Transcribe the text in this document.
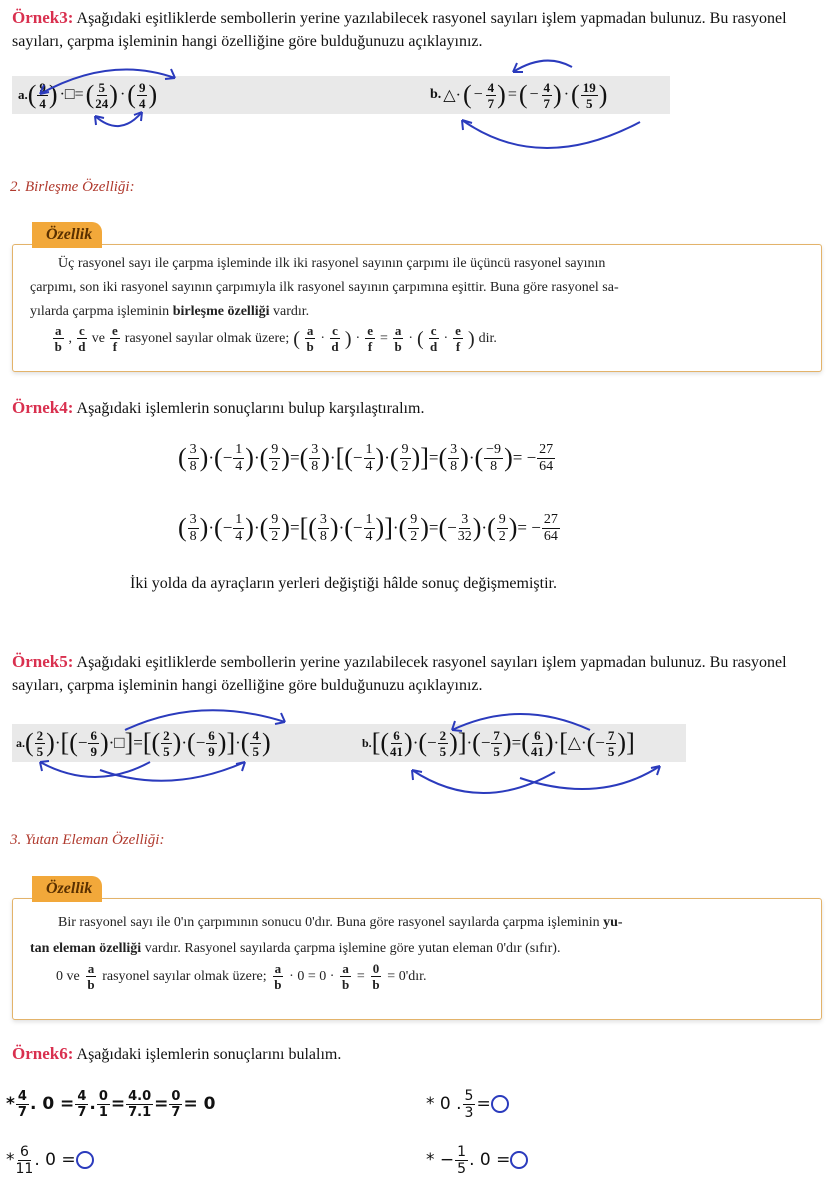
Örnek3: Aşağıdaki eşitliklerde sembollerin yerine yazılabilecek rasyonel sayıları işlem yapmadan bulunuz. Bu rasyonel sayıları, çarpma işleminin hangi özelliğine göre bulduğunuzu açıklayınız.
a. ( $\frac{9}{4}$ ) ·□= ( $\frac{5}{24}$ ) · ( $\frac{9}{4}$ )	b. △· ( − $\frac{4}{7}$ ) = ( − $\frac{4}{7}$ ) · ( $\frac{19}{5}$ )
2. Birleşme Özelliği:
Özellik
Üç rasyonel sayı ile çarpma işleminde ilk iki rasyonel sayının çarpımı ile üçüncü rasyonel sayının
çarpımı, son iki rasyonel sayının çarpımıyla ilk rasyonel sayının çarpımına eşittir. Buna göre rasyonel sa-
yılarda çarpma işleminin birleşme özelliği vardır.
$\frac{a}{b}$ , $\frac{c}{d}$ ve $\frac{e}{f}$ rasyonel sayılar olmak üzere; ( $\frac{a}{b} \cdot \frac{c}{d}$ ) · $\frac{e}{f} = \frac{a}{b}$ · ( $\frac{c}{d} \cdot \frac{e}{f}$ ) dir.
Örnek4: Aşağıdaki işlemlerin sonuçlarını bulup karşılaştıralım.
( $\frac{3}{8}$ ) · ( − $\frac{1}{4}$ ) · ( $\frac{9}{2}$ ) = ( $\frac{3}{8}$ ) · [ ( − $\frac{1}{4}$ ) · ( $\frac{9}{2}$ ) ] = ( $\frac{3}{8}$ ) · ( $\frac{-9}{8}$ ) = − $\frac{27}{64}$
( $\frac{3}{8}$ ) · ( − $\frac{1}{4}$ ) · ( $\frac{9}{2}$ ) = [ ( $\frac{3}{8}$ ) · ( − $\frac{1}{4}$ ) ] · ( $\frac{9}{2}$ ) = ( − $\frac{3}{32}$ ) · ( $\frac{9}{2}$ ) = − $\frac{27}{64}$
İki yolda da ayraçların yerleri değiştiği hâlde sonuç değişmemiştir.
Örnek5: Aşağıdaki eşitliklerde sembollerin yerine yazılabilecek rasyonel sayıları işlem yapmadan bulunuz. Bu rasyonel sayıları, çarpma işleminin hangi özelliğine göre bulduğunuzu açıklayınız.
a. ( $\frac{2}{5}$ ) · [ ( − $\frac{6}{9}$ ) ·□ ] = [ ( $\frac{2}{5}$ ) · ( − $\frac{6}{9}$ ) ] · ( $\frac{4}{5}$ )	b. [ ( $\frac{6}{41}$ ) · ( − $\frac{2}{5}$ ) ] · ( − $\frac{7}{5}$ ) = ( $\frac{6}{41}$ ) · [ △· ( − $\frac{7}{5}$ ) ]
3. Yutan Eleman Özelliği:
Özellik
Bir rasyonel sayı ile 0'ın çarpımının sonucu 0'dır. Buna göre rasyonel sayılarda çarpma işleminin yu-
tan eleman özelliği vardır. Rasyonel sayılarda çarpma işlemine göre yutan eleman 0'dır (sıfır).
0 ve $\frac{a}{b}$ rasyonel sayılar olmak üzere; $\frac{a}{b} \cdot 0 = 0 \cdot \frac{a}{b} = \frac{0}{b}$ = 0'dır.
Örnek6: Aşağıdaki işlemlerin sonuçlarını bulalım.
* $\frac{4}{7}$ . $0 = \frac{4}{7}$ . $\frac{0}{1} = \frac{4.0}{7.1} = \frac{0}{7} = 0$	* 0 . $\frac{5}{3}$ =
* $\frac{6}{11}$ . 0 =	* − $\frac{1}{5}$ . 0 =
